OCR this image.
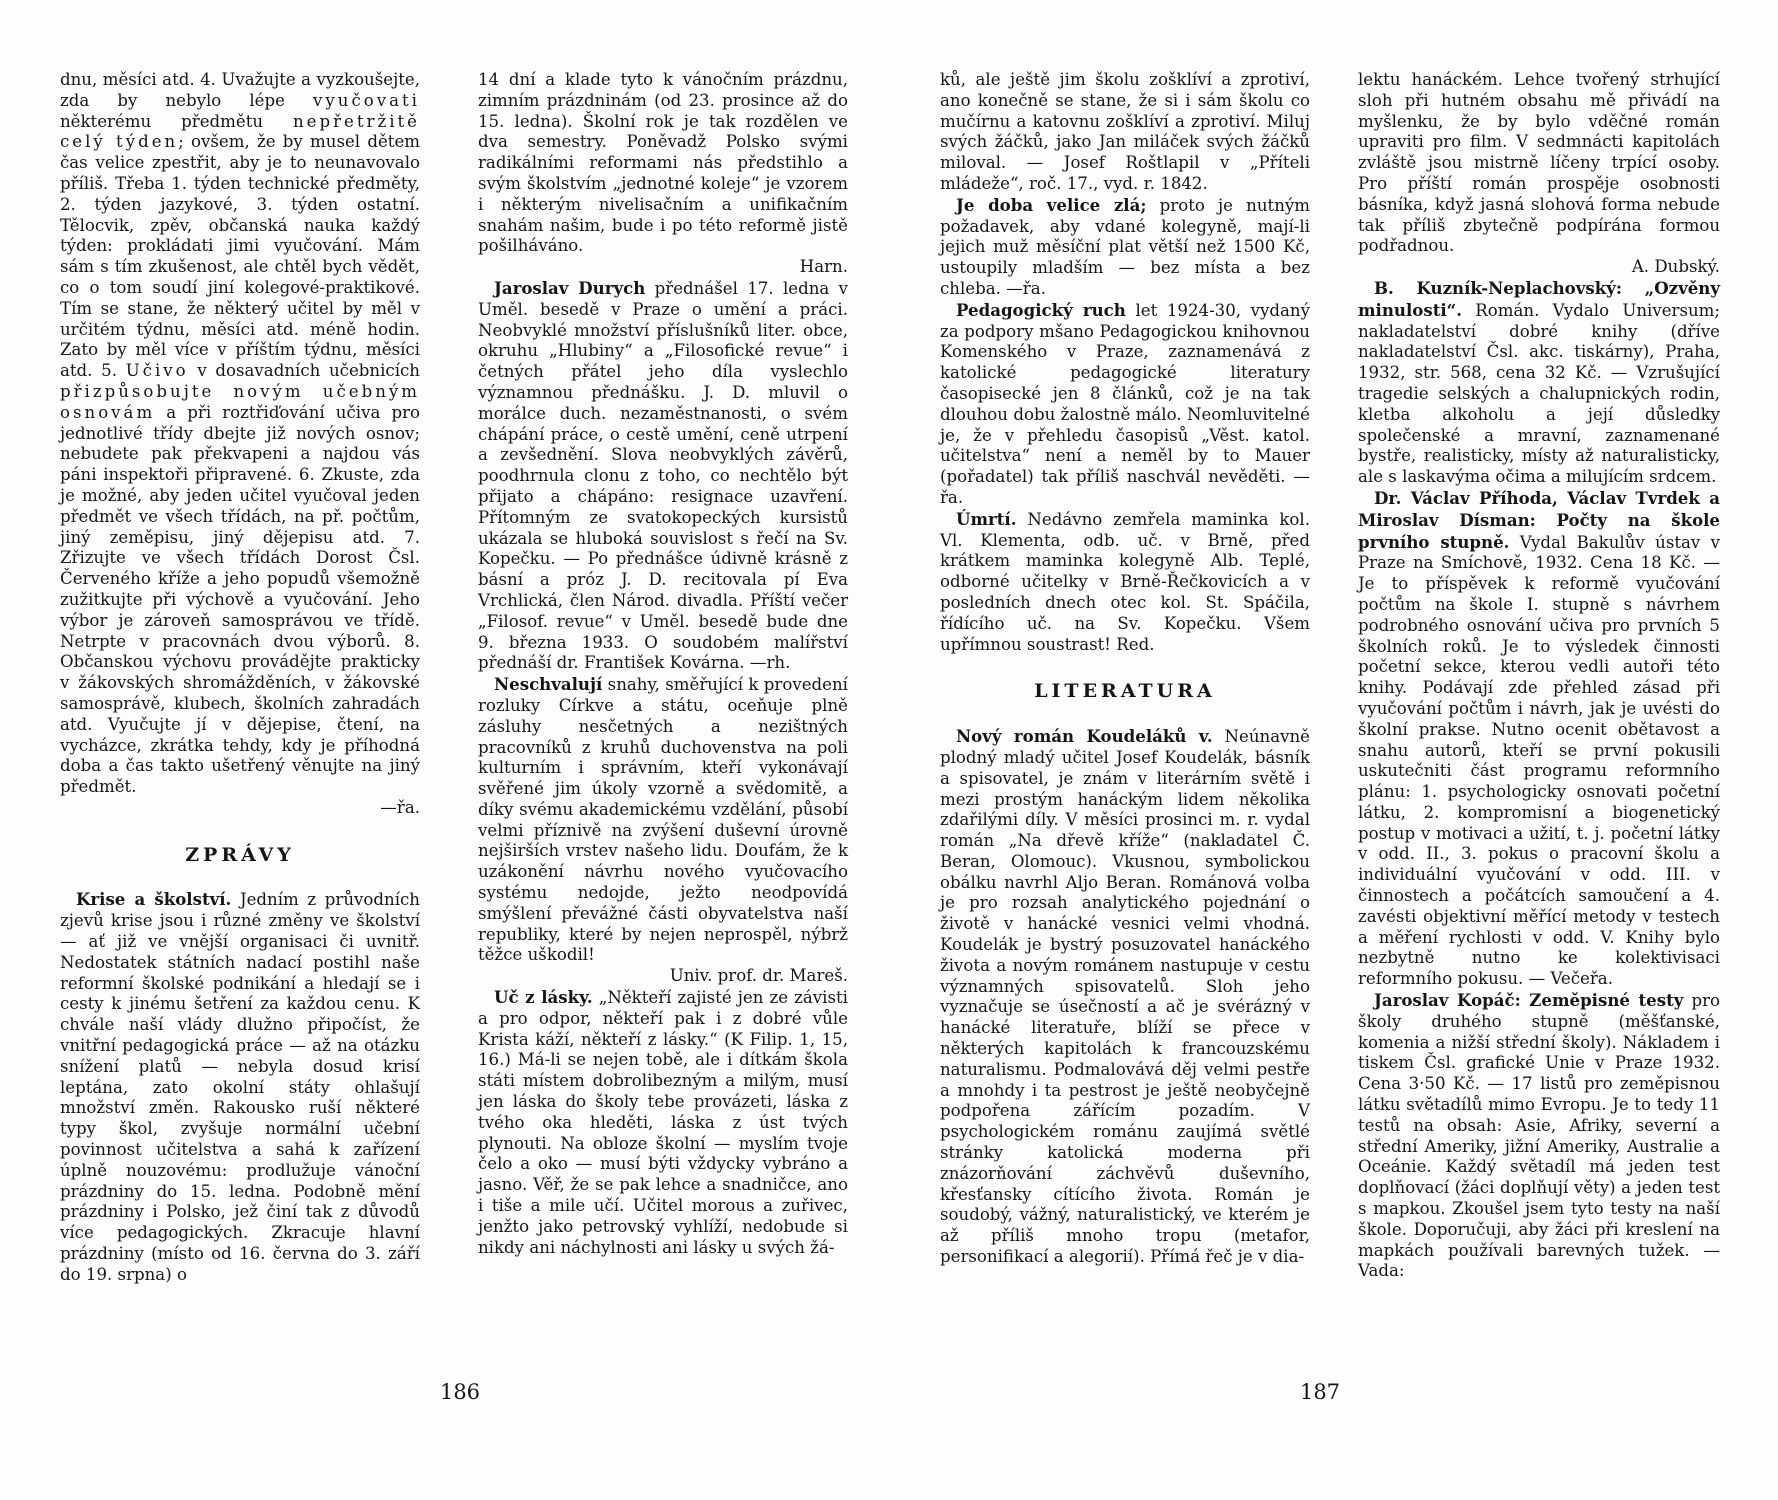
dnu, měsíci atd. 4. Uvažujte a vyzkoušejte, zda by nebylo lépe vyučovati některému předmětu nepřetržitě celý týden; ovšem, že by musel dětem čas velice zpestřit, aby je to neunavovalo příliš. Třeba 1. týden technické předměty, 2. týden jazykové, 3. týden ostatní. Tělocvik, zpěv, občanská nauka každý týden: prokládati jimi vyučování. Mám sám s tím zkušenost, ale chtěl bych vědět, co o tom soudí jiní kolegové-praktikové. Tím se stane, že některý učitel by měl v určitém týdnu, měsíci atd. méně hodin. Zato by měl více v příštím týdnu, měsíci atd. 5. Učivo v dosavadních učebnicích přizpůsobujte novým učebným osnovám a při roztřiďování učiva pro jednotlivé třídy dbejte již nových osnov; nebudete pak překvapeni a najdou vás páni inspektoři připravené. 6. Zkuste, zda je možné, aby jeden učitel vyučoval jeden předmět ve všech třídách, na př. počtům, jiný zeměpisu, jiný dějepisu atd. 7. Zřizujte ve všech třídách Dorost Čsl. Červeného kříže a jeho popudů všemožně zužitkujte při výchově a vyučování. Jeho výbor je zároveň samosprávou ve třídě. Netrpte v pracovnách dvou výborů. 8. Občanskou výchovu provádějte prakticky v žákovských shromážděních, v žákovské samosprávě, klubech, školních zahradách atd. Vyučujte jí v dějepise, čtení, na vycházce, zkrátka tehdy, kdy je příhodná doba a čas takto ušetřený věnujte na jiný předmět.

—řa.

ZPRÁVY

Krise a školství. Jedním z průvodních zjevů krise jsou i různé změny ve školství — ať již ve vnější organisaci či uvnitř. Nedostatek státních nadací postihl naše reformní školské podnikání a hledají se i cesty k jinému šetření za každou cenu. K chvále naší vlády dlužno připočíst, že vnitřní pedagogická práce — až na otázku snížení platů — nebyla dosud krisí leptána, zato okolní státy ohlašují množství změn. Rakousko ruší některé typy škol, zvyšuje normální učební povinnost učitelstva a sahá k zařízení úplně nouzovému: prodlužuje vánoční prázdniny do 15. ledna. Podobně mění prázdniny i Polsko, jež činí tak z důvodů více pedagogických. Zkracuje hlavní prázdniny (místo od 16. června do 3. září do 19. srpna) o

14 dní a klade tyto k vánočním prázdnu, zimním prázdninám (od 23. prosince až do 15. ledna). Školní rok je tak rozdělen ve dva semestry. Poněvadž Polsko svými radikálními reformami nás předstihlo a svým školstvím „jednotné koleje“ je vzorem i některým nivelisačním a unifikačním snahám našim, bude i po této reformě jistě pošilháváno.

Harn.

Jaroslav Durych přednášel 17. ledna v Uměl. besedě v Praze o umění a práci. Neobvyklé množství příslušníků liter. obce, okruhu „Hlubiny“ a „Filosofické revue“ i četných přátel jeho díla vyslechlo významnou přednášku. J. D. mluvil o morálce duch. nezaměstnanosti, o svém chápání práce, o cestě umění, ceně utrpení a zevšednění. Slova neobvyklých závěrů, poodhrnula clonu z toho, co nechtělo být přijato a chápáno: resignace uzavření. Přítomným ze svatokopeckých kursistů ukázala se hluboká souvislost s řečí na Sv. Kopečku. — Po přednášce údivně krásně z básní a próz J. D. recitovala pí Eva Vrchlická, člen Národ. divadla. Příští večer „Filosof. revue“ v Uměl. besedě bude dne 9. března 1933. O soudobém malířství přednáší dr. František Kovárna. —rh.

Neschvalují snahy, směřující k provedení rozluky Církve a státu, oceňuje plně zásluhy nesčetných a nezištných pracovníků z kruhů duchovenstva na poli kulturním i správním, kteří vykonávají svěřené jim úkoly vzorně a svědomitě, a díky svému akademickému vzdělání, působí velmi příznivě na zvýšení duševní úrovně nejširších vrstev našeho lidu. Doufám, že k uzákonění návrhu nového vyučovacího systému nedojde, ježto neodpovídá smýšlení převážné části obyvatelstva naší republiky, které by nejen neprospěl, nýbrž těžce uškodil!

Univ. prof. dr. Mareš.

Uč z lásky. „Někteří zajisté jen ze závisti a pro odpor, někteří pak i z dobré vůle Krista káží, někteří z lásky.“ (K Filip. 1, 15, 16.) Má-li se nejen tobě, ale i dítkám škola státi místem dobrolibezným a milým, musí jen láska do školy tebe provázeti, láska z tvého oka hleděti, láska z úst tvých plynouti. Na obloze školní — myslím tvoje čelo a oko — musí býti vždycky vybráno a jasno. Věř, že se pak lehce a snadničce, ano i tiše a mile učí. Učitel morous a zuřivec, jenžto jako petrovský vyhlíží, nedobude si nikdy ani náchylnosti ani lásky u svých žá-

186

ků, ale ještě jim školu zošklíví a zprotiví, ano konečně se stane, že si i sám školu co mučírnu a katovnu zošklíví a zprotiví. Miluj svých žáčků, jako Jan miláček svých žáčků miloval. — Josef Roštlapil v „Příteli mládeže“, roč. 17., vyd. r. 1842.

Je doba velice zlá; proto je nutným požadavek, aby vdané kolegyně, mají-li jejich muž měsíční plat větší než 1500 Kč, ustoupily mladším — bez místa a bez chleba. —řa.

Pedagogický ruch let 1924-30, vydaný za podpory mšano Pedagogickou knihovnou Komenského v Praze, zaznamenává z katolické pedagogické literatury časopisecké jen 8 článků, což je na tak dlouhou dobu žalostně málo. Neomluvitelné je, že v přehledu časopisů „Věst. katol. učitelstva“ není a neměl by to Mauer (pořadatel) tak příliš naschvál nevěděti. —řa.

Úmrtí. Nedávno zemřela maminka kol. Vl. Klementa, odb. uč. v Brně, před krátkem maminka kolegyně Alb. Teplé, odborné učitelky v Brně-Řečkovicích a v posledních dnech otec kol. St. Spáčila, řídícího uč. na Sv. Kopečku. Všem upřímnou soustrast! Red.

LITERATURA

Nový román Koudeláků v. Neúnavně plodný mladý učitel Josef Koudelák, básník a spisovatel, je znám v literárním světě i mezi prostým hanáckým lidem několika zdařilými díly. V měsíci prosinci m. r. vydal román „Na dřevě kříže“ (nakladatel Č. Beran, Olomouc). Vkusnou, symbolickou obálku navrhl Aljo Beran. Románová volba je pro rozsah analytického pojednání o životě v hanácké vesnici velmi vhodná. Koudelák je bystrý posuzovatel hanáckého života a novým románem nastupuje v cestu významných spisovatelů. Sloh jeho vyznačuje se úsečností a ač je svérázný v hanácké literatuře, blíží se přece v některých kapitolách k francouzskému naturalismu. Podmalovává děj velmi pestře a mnohdy i ta pestrost je ještě neobyčejně podpořena zářícím pozadím. V psychologickém románu zaujímá světlé stránky katolická moderna při znázorňování záchvěvů duševního, křesťansky cítícího života. Román je soudobý, vážný, naturalistický, ve kterém je až příliš mnoho tropu (metafor, personifikací a alegorií). Přímá řeč je v dia-

lektu hanáckém. Lehce tvořený strhující sloh při hutném obsahu mě přivádí na myšlenku, že by bylo vděčné román upraviti pro film. V sedmnácti kapitolách zvláště jsou mistrně líčeny trpící osoby. Pro příští román prospěje osobnosti básníka, když jasná slohová forma nebude tak příliš zbytečně podpírána formou podřadnou.

A. Dubský.

B. Kuzník-Neplachovský: „Ozvěny minulosti“. Román. Vydalo Universum; nakladatelství dobré knihy (dříve nakladatelství Čsl. akc. tiskárny), Praha, 1932, str. 568, cena 32 Kč. — Vzrušující tragedie selských a chalupnických rodin, kletba alkoholu a její důsledky společenské a mravní, zaznamenané bystře, realisticky, místy až naturalisticky, ale s laskavýma očima a milujícím srdcem.

Dr. Václav Příhoda, Václav Tvrdek a Miroslav Dísman: Počty na škole prvního stupně. Vydal Bakulův ústav v Praze na Smíchově, 1932. Cena 18 Kč. — Je to příspěvek k reformě vyučování počtům na škole I. stupně s návrhem podrobného osnování učiva pro prvních 5 školních roků. Je to výsledek činnosti početní sekce, kterou vedli autoři této knihy. Podávají zde přehled zásad při vyučování počtům i návrh, jak je uvésti do školní prakse. Nutno ocenit obětavost a snahu autorů, kteří se první pokusili uskutečniti část programu reformního plánu: 1. psychologicky osnovati početní látku, 2. kompromisní a biogenetický postup v motivaci a užití, t. j. početní látky v odd. II., 3. pokus o pracovní školu a individuální vyučování v odd. III. v činnostech a počátcích samoučení a 4. zavésti objektivní měřící metody v testech a měření rychlosti v odd. V. Knihy bylo nezbytně nutno ke kolektivisaci reformního pokusu. — Večeřa.

Jaroslav Kopáč: Zeměpisné testy pro školy druhého stupně (měšťanské, komenia a nižší střední školy). Nákladem i tiskem Čsl. grafické Unie v Praze 1932. Cena 3·50 Kč. — 17 listů pro zeměpisnou látku světadílů mimo Evropu. Je to tedy 11 testů na obsah: Asie, Afriky, severní a střední Ameriky, jižní Ameriky, Australie a Oceánie. Každý světadíl má jeden test doplňovací (žáci doplňují věty) a jeden test s mapkou. Zkoušel jsem tyto testy na naší škole. Doporučuji, aby žáci při kreslení na mapkách používali barevných tužek. — Vada:

187
